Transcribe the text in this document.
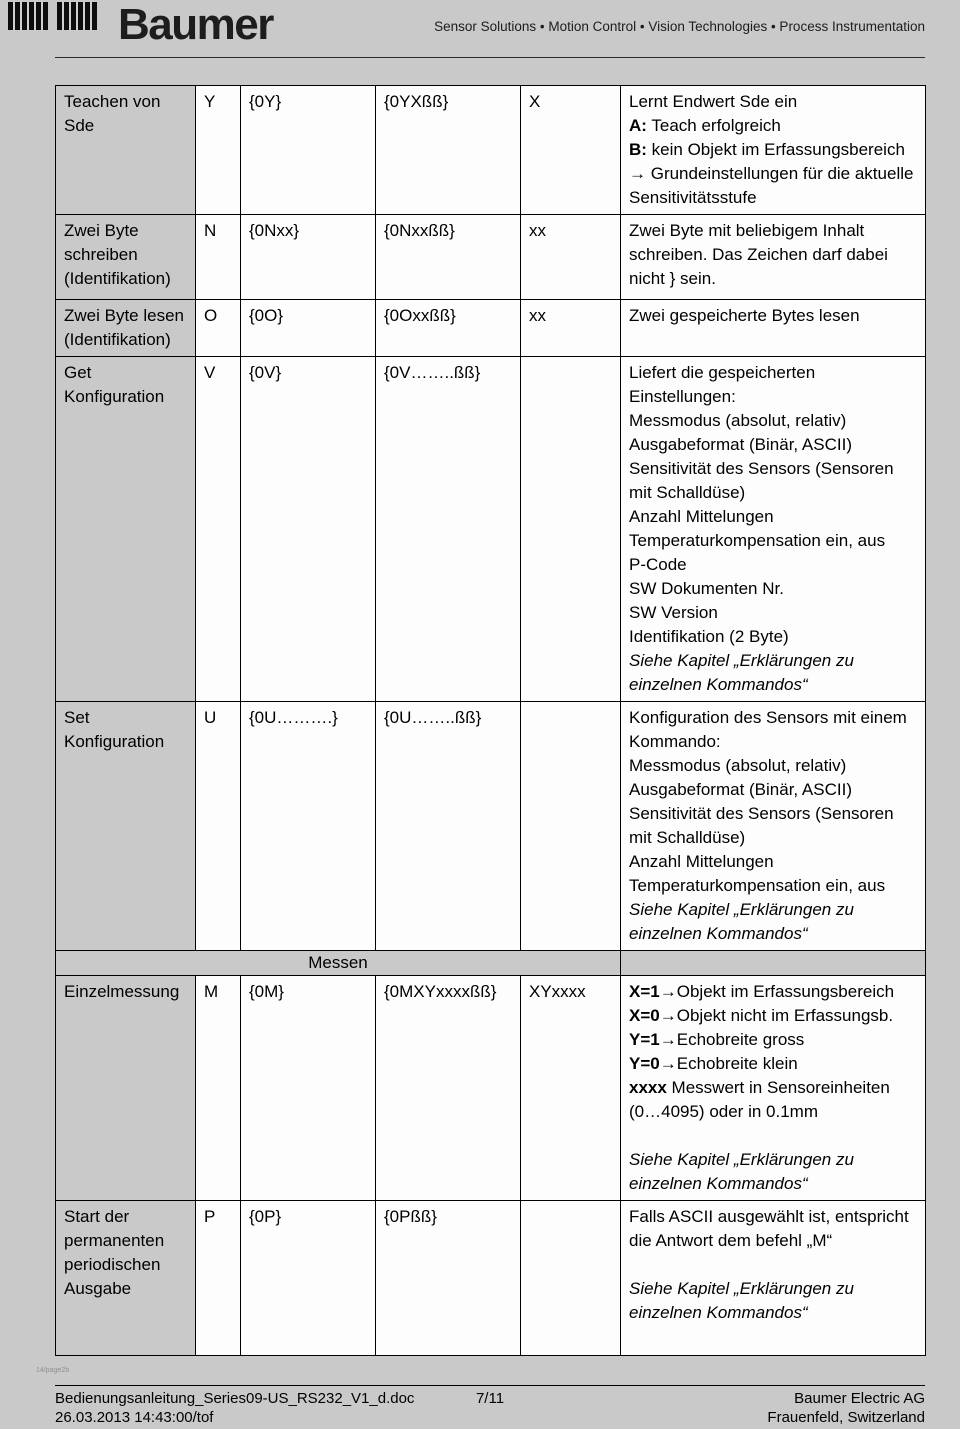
Baumer	Sensor Solutions • Motion Control • Vision Technologies • Process Instrumentation
Teachen von Sde	Y	{0Y}	{0YXßß}	X	Lernt Endwert Sde ein
A: Teach erfolgreich
B: kein Objekt im Erfassungsbereich
→ Grundeinstellungen für die aktuelle Sensitivitätsstufe

Zwei Byte schreiben (Identifikation)	N	{0Nxx}	{0Nxxßß}	xx	Zwei Byte mit beliebigem Inhalt schreiben. Das Zeichen darf dabei nicht } sein.

Zwei Byte lesen (Identifikation)	O	{0O}	{0Oxxßß}	xx	Zwei gespeicherte Bytes lesen

Get Konfiguration	V	{0V}	{0V……..ßß}		Liefert die gespeicherten Einstellungen:
Messmodus (absolut, relativ)
Ausgabeformat (Binär, ASCII)
Sensitivität des Sensors (Sensoren mit Schalldüse)
Anzahl Mittelungen
Temperaturkompensation ein, aus
P-Code
SW Dokumenten Nr.
SW Version
Identifikation (2 Byte)
Siehe Kapitel „Erklärungen zu einzelnen Kommandos“

Set Konfiguration	U	{0U……….}	{0U……..ßß}		Konfiguration des Sensors mit einem Kommando:
Messmodus (absolut, relativ)
Ausgabeformat (Binär, ASCII)
Sensitivität des Sensors (Sensoren mit Schalldüse)
Anzahl Mittelungen
Temperaturkompensation ein, aus
Siehe Kapitel „Erklärungen zu einzelnen Kommandos“

Messen					
Einzelmessung	M	{0M}	{0MXYxxxxßß}	XYxxxx	X=1→Objekt im Erfassungsbereich
X=0→Objekt nicht im Erfassungsb.
Y=1→Echobreite gross
Y=0→Echobreite klein
xxxx Messwert in Sensoreinheiten (0…4095) oder in 0.1mm

Siehe Kapitel „Erklärungen zu einzelnen Kommandos“

Start der permanenten periodischen Ausgabe	P	{0P}	{0Pßß}		Falls ASCII ausgewählt ist, entspricht die Antwort dem befehl „M“

Siehe Kapitel „Erklärungen zu einzelnen Kommandos“
14/page2b
Bedienungsanleitung_Series09-US_RS232_V1_d.doc
26.03.2013 14:43:00/tof
7/11	Baumer Electric AG
Frauenfeld, Switzerland
